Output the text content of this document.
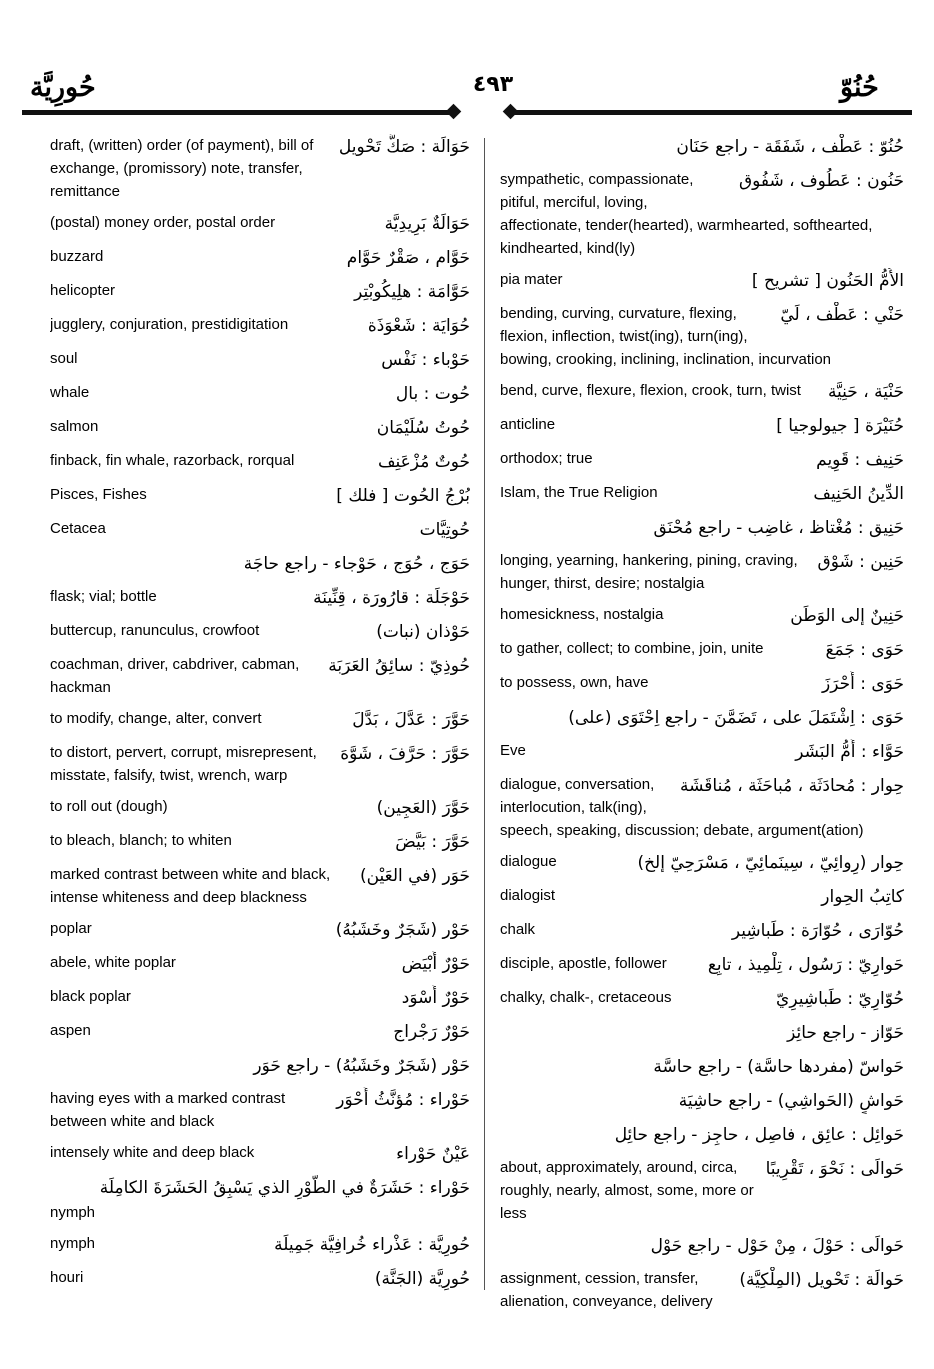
حُورِيَّة	٤٩٣	حُنُوّ
حَوَالَة : صَكُّ تَحْويل
draft, (written) order (of payment), bill of exchange, (promissory) note, transfer, remittance
حَوَالَةٌ بَرِيدِيَّة
(postal) money order, postal order
حَوَّام ، صَقْرٌ حَوَّام
buzzard
حَوَّامَة : هلِيكُوبْتِر
helicopter
حُوَايَة : شَعْوَذَة
jugglery, conjuration, prestidigitation
حَوْباء : نَفْس
soul
حُوت : بال
whale
حُوتُ سُلَيْمَان
salmon
حُوتٌ مُزْعَنِف
finback, fin whale, razorback, rorqual
بُرْجُ الحُوت [ فلك ]
Pisces, Fishes
حُوتِيَّات
Cetacea
حَوَج ، حُوَج ، حَوْجاء - راجع حاجَة
حَوْجَلَة : قارُورَة ، قِنِّينَة
flask; vial; bottle
حَوْذان (نبات)
buttercup, ranunculus, crowfoot
حُوذِيّ : سائِقُ العَرَبَة
coachman, driver, cabdriver, cabman, hackman
حَوَّرَ : عَدَّلَ ، بَدَّلَ
to modify, change, alter, convert
حَوَّرَ : حَرَّفَ ، شَوَّهَ
to distort, pervert, corrupt, misrepresent, misstate, falsify, twist, wrench, warp
حَوَّرَ (العَجِين)
to roll out (dough)
حَوَّرَ : بَيَّضَ
to bleach, blanch; to whiten
حَوَر (في العَيْن)
marked contrast between white and black, intense whiteness and deep blackness
حَوْر (شَجَرٌ وخَشَبُهُ)
poplar
حَوْرٌ أَبْيَض
abele, white poplar
حَوْرٌ أَسْوَد
black poplar
حَوْرٌ رَجْراج
aspen
حَوْر (شَجَرٌ وخَشَبُهُ) - راجع حَوَر
حَوْراء : مُؤنَّثُ أَحْوَر
having eyes with a marked contrast between white and black
عَيْنٌ حَوْراء
intensely white and deep black
حَوْراء : حَشَرَةٌ في الطَّوْرِ الذي يَسْبِقُ الحَشَرَةَ الكامِلَة
nymph
حُورِيَّة : عَذْراء خُرافِيَّة جَمِيلَة
nymph
حُورِيَّة (الجَنَّة)
houri
حُنُوّ : عَطْف ، شَفَقَة - راجع حَنَان
حَنُون : عَطُوف ، شَفُوق
sympathetic, compassionate, pitiful, merciful, loving, affectionate, tender(hearted), warmhearted, softhearted, kindhearted, kind(ly)
الأُمُّ الحَنُون [ تشريح ]
pia mater
حَنْي : عَطْف ، لَيّ
bending, curving, curvature, flexing, flexion, inflection, twist(ing), turn(ing), bowing, crooking, inclining, inclination, incurvation
حَنْيَة ، حَنِيَّة
bend, curve, flexure, flexion, crook, turn, twist
حُنَيْرَة [ جيولوجيا ]
anticline
حَنِيف : قَوِيم
orthodox; true
الدِّينُ الحَنِيف
Islam, the True Religion
حَنِيق : مُغْتاظ ، غاضِب - راجع مُحْنَق
حَنِين : شَوْق
longing, yearning, hankering, pining, craving, hunger, thirst, desire; nostalgia
حَنِينٌ إلى الوَطَن
homesickness, nostalgia
حَوَى : جَمَعَ
to gather, collect; to combine, join, unite
حَوَى : أَحْرَزَ
to possess, own, have
حَوَى : اِشْتَمَلَ على ، تَضَمَّنَ - راجع اِحْتَوَى (على)
حَوَّاء : أُمُّ البَشَر
Eve
حِوار : مُحادَثَة ، مُباحَثَة ، مُناقَشَة
dialogue, conversation, interlocution, talk(ing), speech, speaking, discussion; debate, argument(ation)
حِوار (رِوائِيّ ، سِينَمائِيّ ، مَسْرَحِيّ إلخ)
dialogue
كاتِبُ الحِوار
dialogist
حُوّارَى ، حُوّارَة : طَباشِير
chalk
حَوارِيّ : رَسُول ، تِلْمِيذ ، تابِع
disciple, apostle, follower
حُوّارِيّ : طَباشِيرِيّ
chalky, chalk-, cretaceous
حَوّاز - راجع حائِز
حَواسّ (مفردها حاسَّة) - راجع حاسَّة
حَواشٍ (الحَواشِي) - راجع حاشِيَة
حَوائِل : عائِق ، فاصِل ، حاجِز - راجع حائِل
حَوالَى : نَحْوَ ، تَقْرِيبًا
about, approximately, around, circa, roughly, nearly, almost, some, more or less
حَوالَى : حَوْلَ ، مِنْ حَوْل - راجع حَوْل
حَوالَة : تَحْويل (المِلْكِيَّة)
assignment, cession, transfer, alienation, conveyance, delivery
